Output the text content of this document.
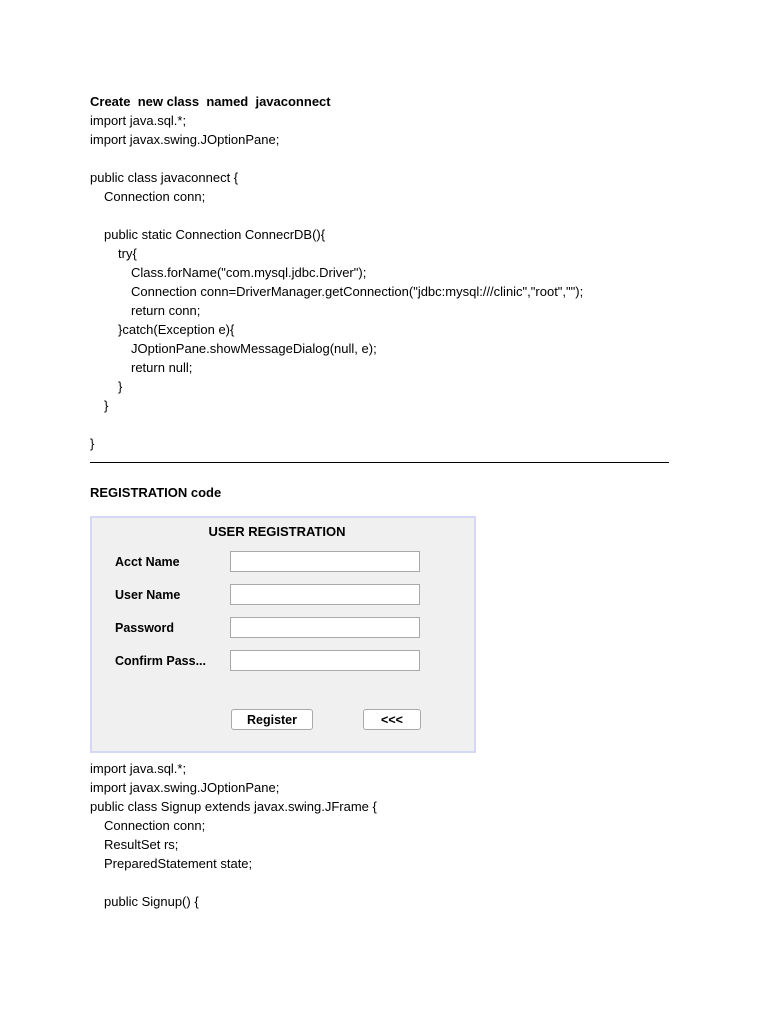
Create  new class  named  javaconnect
import java.sql.*;
import javax.swing.JOptionPane;
public class javaconnect {
Connection conn;
public static Connection ConnecrDB(){
try{
Class.forName("com.mysql.jdbc.Driver");
Connection conn=DriverManager.getConnection("jdbc:mysql:///clinic","root","");
return conn;
}catch(Exception e){
JOptionPane.showMessageDialog(null, e);
return null;
}
}
}
REGISTRATION code
USER REGISTRATION
Acct Name
User Name
Password
Confirm Pass...
Register	<<<
import java.sql.*;
import javax.swing.JOptionPane;
public class Signup extends javax.swing.JFrame {
Connection conn;
ResultSet rs;
PreparedStatement state;
public Signup() {
